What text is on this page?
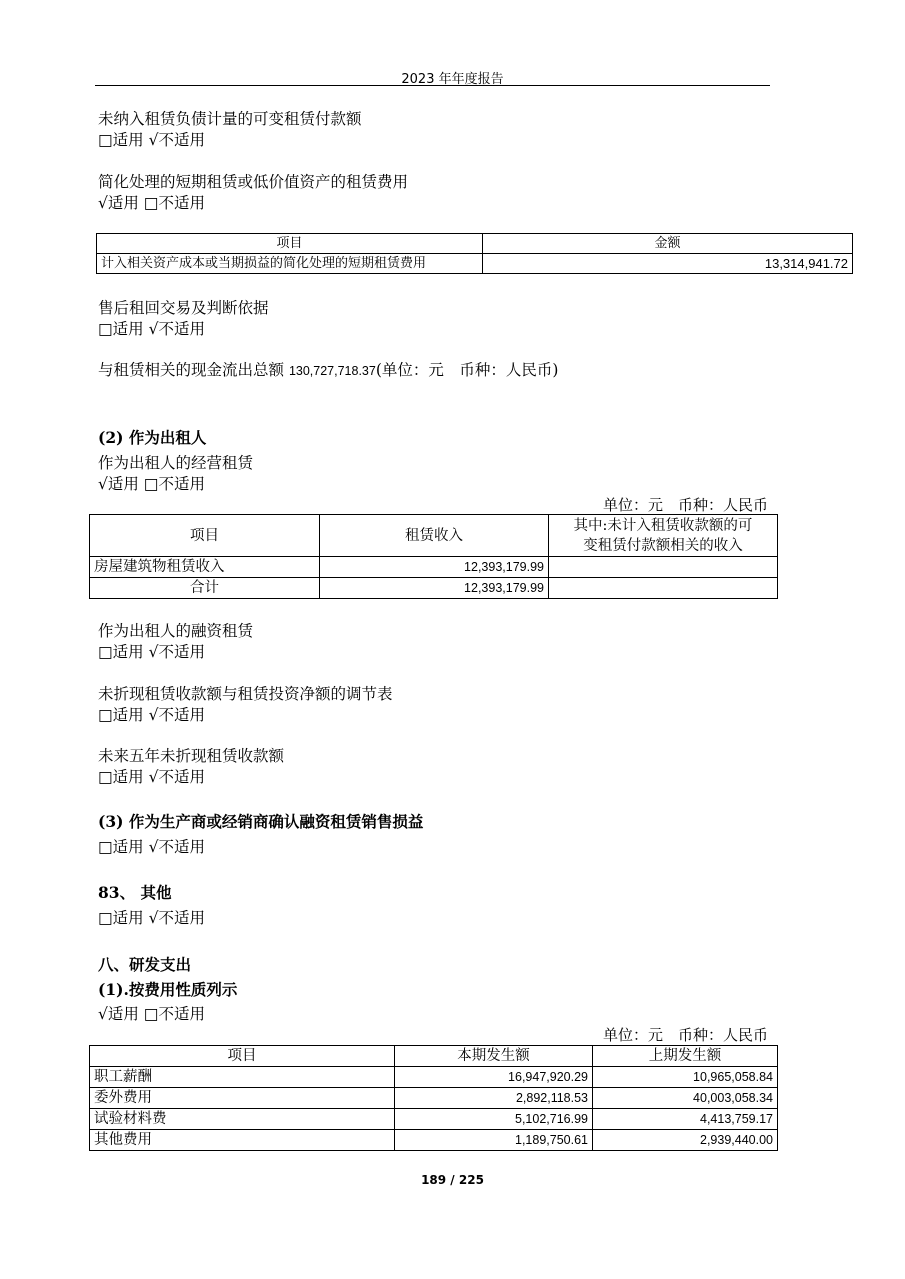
2023 年年度报告
未纳入租赁负债计量的可变租赁付款额
□适用 √不适用
简化处理的短期租赁或低价值资产的租赁费用
√适用 □不适用
项目	金额
计入相关资产成本或当期损益的简化处理的短期租赁费用	13,314,941.72
售后租回交易及判断依据
□适用 √不适用
与租赁相关的现金流出总额 130,727,718.37(单位：元　币种：人民币)
(2) 作为出租人
作为出租人的经营租赁
√适用 □不适用
单位：元　币种：人民币
项目	租赁收入	其中:未计入租赁收款额的可
变租赁付款额相关的收入
房屋建筑物租赁收入	12,393,179.99	
合计	12,393,179.99	
作为出租人的融资租赁
□适用 √不适用
未折现租赁收款额与租赁投资净额的调节表
□适用 √不适用
未来五年未折现租赁收款额
□适用 √不适用
(3) 作为生产商或经销商确认融资租赁销售损益
□适用 √不适用
83、 其他
□适用 √不适用
八、研发支出
(1).按费用性质列示
√适用 □不适用
单位：元　币种：人民币
项目	本期发生额	上期发生额
职工薪酬	16,947,920.29	10,965,058.84
委外费用	2,892,118.53	40,003,058.34
试验材料费	5,102,716.99	4,413,759.17
其他费用	1,189,750.61	2,939,440.00
189 / 225
